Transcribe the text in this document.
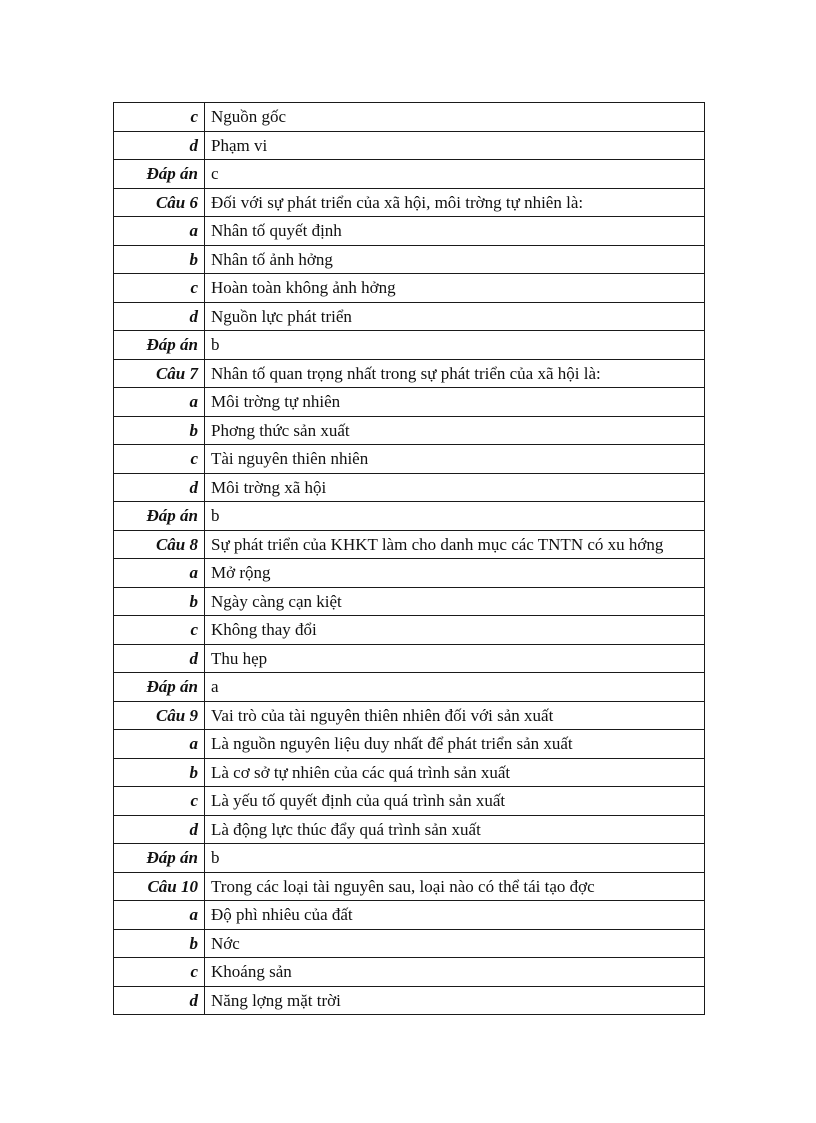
c	Nguồn gốc
d	Phạm vi
Đáp án	c
Câu 6	Đối với sự phát triển của xã hội, môi trờng tự nhiên là:
a	Nhân tố quyết định
b	Nhân tố ảnh hởng
c	Hoàn toàn không ảnh hởng
d	Nguồn lực phát triển
Đáp án	b
Câu 7	Nhân tố quan trọng nhất trong sự phát triển của xã hội là:
a	Môi trờng tự nhiên
b	Phơng thức sản xuất
c	Tài nguyên thiên nhiên
d	Môi trờng xã hội
Đáp án	b
Câu 8	Sự phát triển của KHKT làm cho danh mục các TNTN có xu hớng
a	Mở rộng
b	Ngày càng cạn kiệt
c	Không thay đổi
d	Thu hẹp
Đáp án	a
Câu 9	Vai trò của tài nguyên thiên nhiên đối với sản xuất
a	Là nguồn nguyên liệu duy nhất để phát triển sản xuất
b	Là cơ sở tự nhiên của các quá trình sản xuất
c	Là yếu tố quyết định của quá trình sản xuất
d	Là động lực thúc đẩy quá trình sản xuất
Đáp án	b
Câu 10	Trong các loại tài nguyên sau, loại nào có thể tái tạo đợc
a	Độ phì nhiêu của đất
b	Nớc
c	Khoáng sản
d	Năng lợng mặt trời
